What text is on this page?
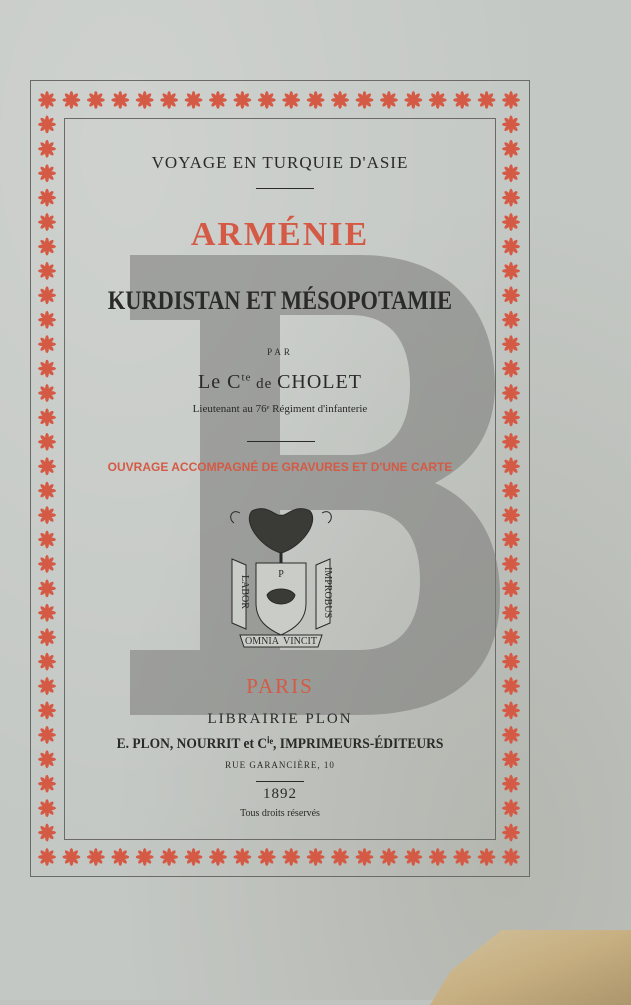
VOYAGE EN TURQUIE D'ASIE
ARMÉNIE
KURDISTAN ET MÉSOPOTAMIE
PAR
Le $C^{te}$ de CHOLET
Lieutenant au 76ᵉ Régiment d'infanterie
OUVRAGE ACCOMPAGNÉ DE GRAVURES ET D'UNE CARTE
P
LABOR	IMPROBUS
OMNIA VINCIT
PARIS
LIBRAIRIE PLON
E. PLON, NOURRIT et Cⁱᵉ, IMPRIMEURS-ÉDITEURS
RUE GARANCIÈRE, 10
1892
Tous droits réservés
